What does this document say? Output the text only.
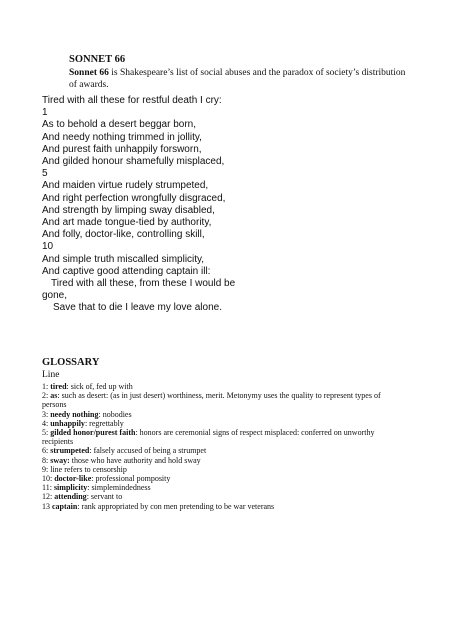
SONNET 66

Sonnet 66 is Shakespeare’s list of social abuses and the paradox of society’s distribution of awards.

Tired with all these for restful death I cry:
1
As to behold a desert beggar born,
And needy nothing trimmed in jollity,
And purest faith unhappily forsworn,
And gilded honour shamefully misplaced,
5
And maiden virtue rudely strumpeted,
And right perfection wrongfully disgraced,
And strength by limping sway disabled,
And art made tongue-tied by authority,
And folly, doctor-like, controlling skill,
10
And simple truth miscalled simplicity,
And captive good attending captain ill:
Tired with all these, from these I would be
gone,
Save that to die I leave my love alone.
GLOSSARY
Line
1: tired: sick of, fed up with
2: as: such as desert: (as in just desert) worthiness, merit. Metonymy uses the quality to represent types of persons
3: needy nothing: nobodies
4: unhappily: regrettably
5: gilded honor/purest faith: honors are ceremonial signs of respect misplaced: conferred on unworthy recipients
6: strumpeted: falsely accused of being a strumpet
8: sway: those who have authority and hold sway
9: line refers to censorship
10: doctor-like: professional pomposity
11: simplicity: simplemindedness
12: attending: servant to
13 captain: rank appropriated by con men pretending to be war veterans
